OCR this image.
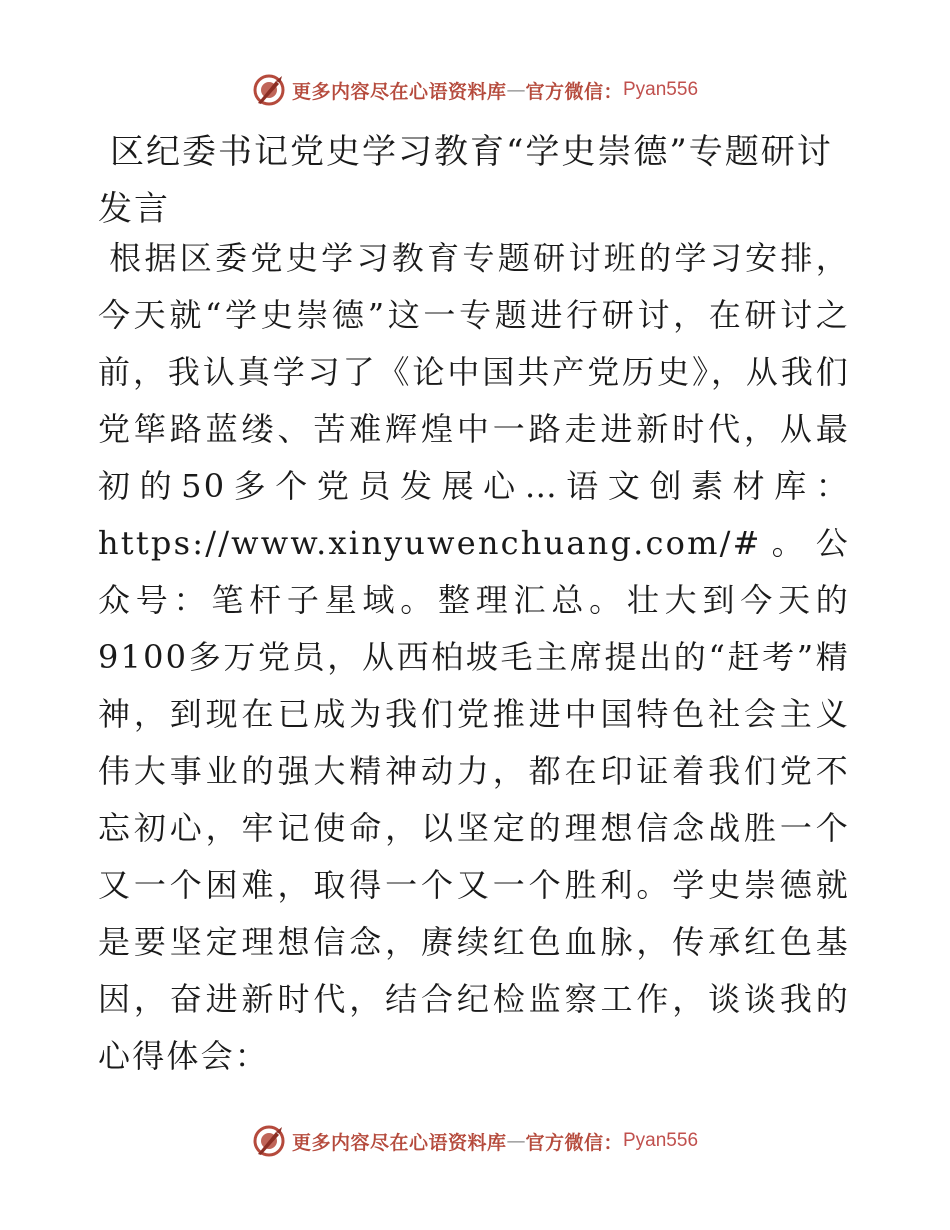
更多内容尽在心语资料库 — 官方微信： Pyan556
区纪委书记党史学习教育“学史崇德”专题研讨发言

根据区委党史学习教育专题研讨班的学习安排，今天就“学史崇德”这一专题进行研讨，在研讨之前，我认真学习了《论中国共产党历史》，从我们党筚路蓝缕、苦难辉煌中一路走进新时代，从最初的50多个党员发展心…语文创素材库：https://www.xinyuwenchuang.com/#。公众号：笔杆子星域。整理汇总。壮大到今天的9100多万党员，从西柏坡毛主席提出的“赶考”精神，到现在已成为我们党推进中国特色社会主义伟大事业的强大精神动力，都在印证着我们党不忘初心，牢记使命，以坚定的理想信念战胜一个又一个困难，取得一个又一个胜利。学史崇德就是要坚定理想信念，赓续红色血脉，传承红色基因，奋进新时代，结合纪检监察工作，谈谈我的心得体会：

更多内容尽在心语资料库 — 官方微信： Pyan556
